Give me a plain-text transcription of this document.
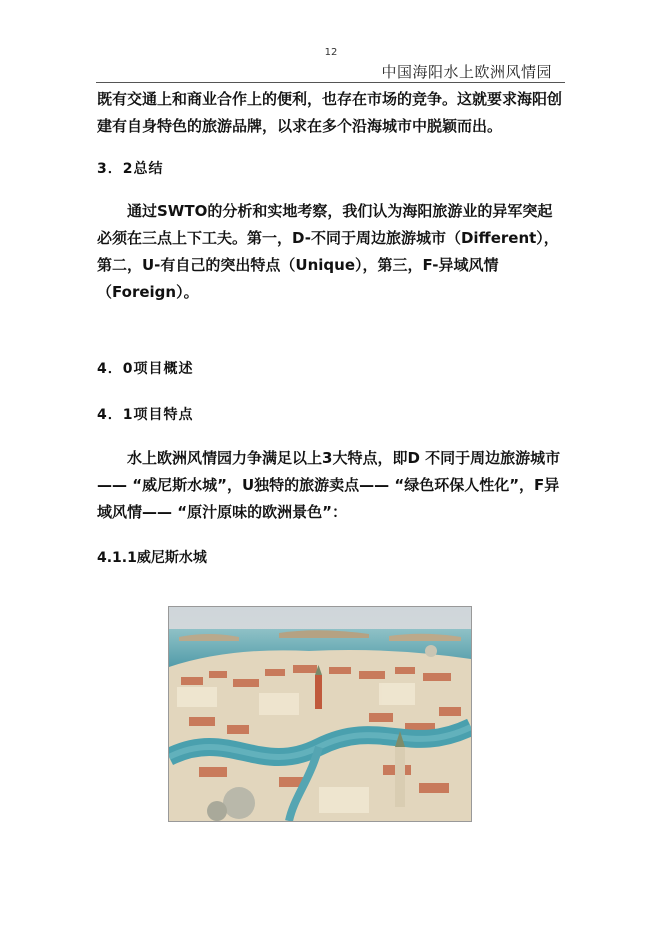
12
中国海阳水上欧洲风情园

既有交通上和商业合作上的便利，也存在市场的竞争。这就要求海阳创建有自身特色的旅游品牌，以求在多个沿海城市中脱颖而出。

3．2总结

通过SWTO的分析和实地考察，我们认为海阳旅游业的异军突起必须在三点上下工夫。第一，D-不同于周边旅游城市（Different），第二，U-有自己的突出特点（Unique），第三，F-异域风情（Foreign）。

4．0项目概述

4．1项目特点

水上欧洲风情园力争满足以上3大特点，即D 不同于周边旅游城市—— “威尼斯水城”，U独特的旅游卖点—— “绿色环保人性化”，F异域风情—— “原汁原味的欧洲景色”：

4.1.1威尼斯水城
